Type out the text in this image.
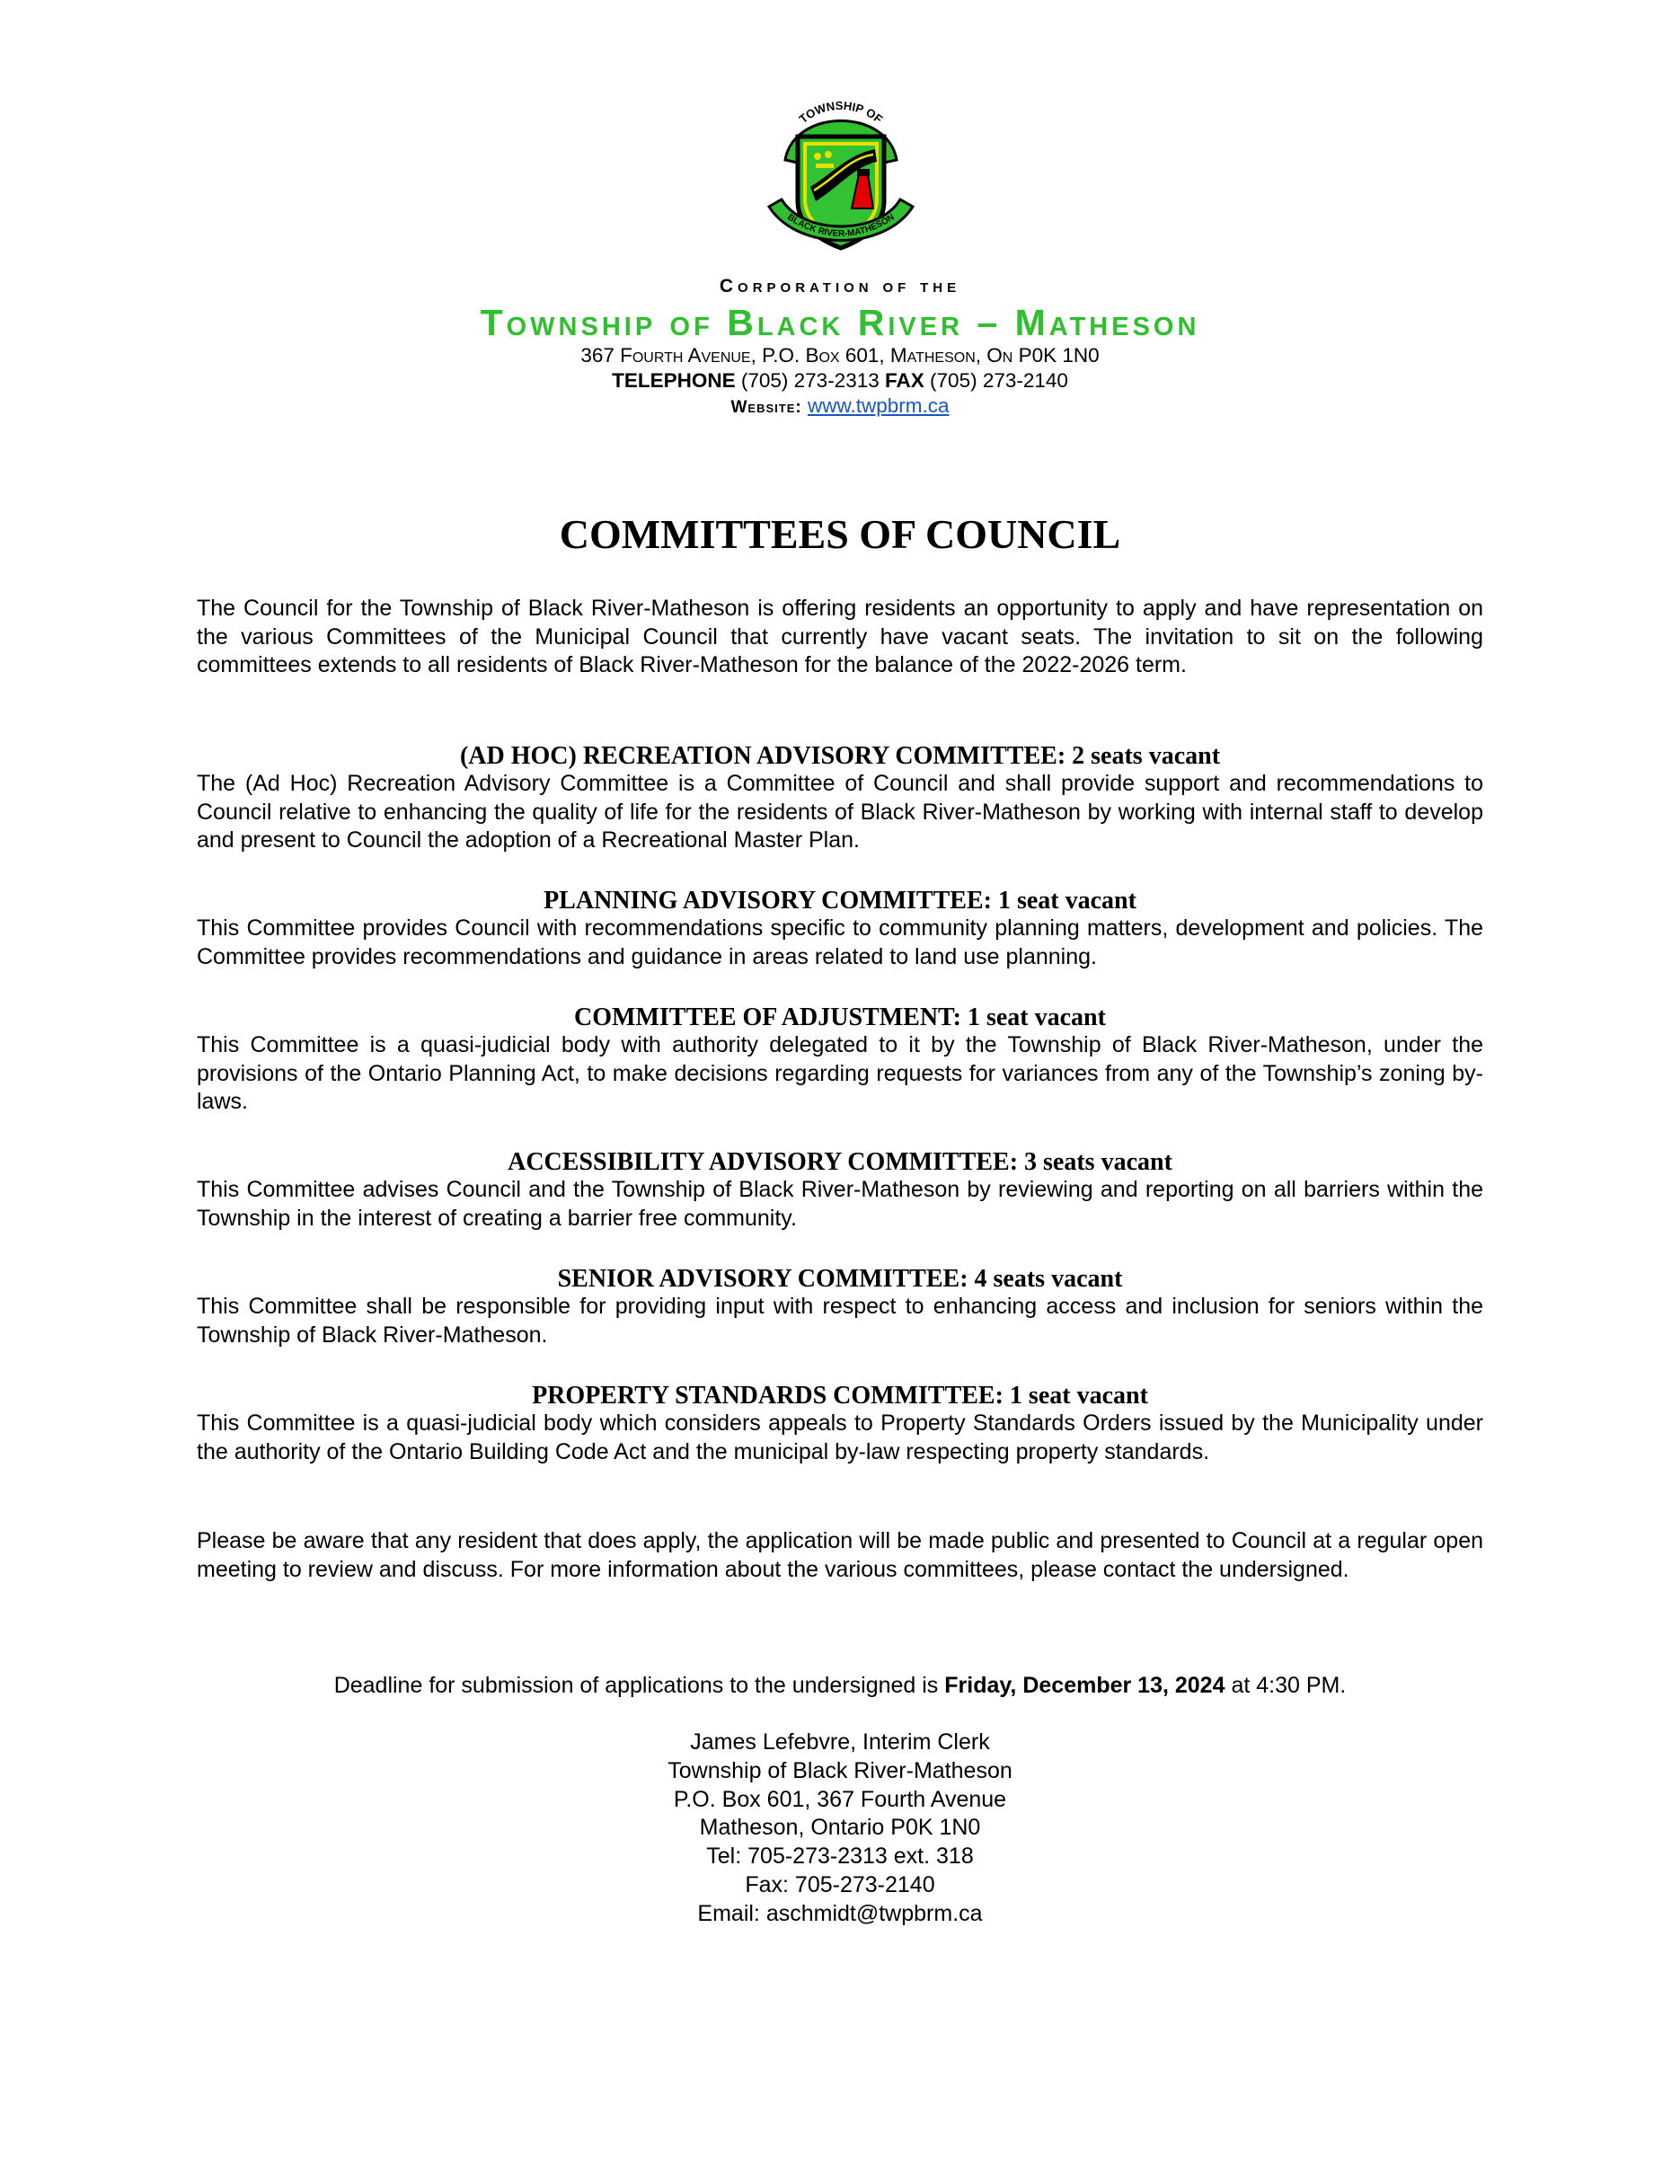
TOWNSHIP OF
BLACK RIVER-MATHESON
Corporation of the
Township of Black River – Matheson
367 Fourth Avenue, P.O. Box 601, Matheson, On P0K 1N0
TELEPHONE (705) 273-2313 FAX (705) 273-2140
Website: www.twpbrm.ca
COMMITTEES OF COUNCIL
The Council for the Township of Black River-Matheson is offering residents an opportunity to apply and have representation on the various Committees of the Municipal Council that currently have vacant seats. The invitation to sit on the following committees extends to all residents of Black River-Matheson for the balance of the 2022-2026 term.
(AD HOC) RECREATION ADVISORY COMMITTEE: 2 seats vacant
The (Ad Hoc) Recreation Advisory Committee is a Committee of Council and shall provide support and recommendations to Council relative to enhancing the quality of life for the residents of Black River-Matheson by working with internal staff to develop and present to Council the adoption of a Recreational Master Plan.
PLANNING ADVISORY COMMITTEE: 1 seat vacant
This Committee provides Council with recommendations specific to community planning matters, development and policies. The Committee provides recommendations and guidance in areas related to land use planning.
COMMITTEE OF ADJUSTMENT: 1 seat vacant
This Committee is a quasi-judicial body with authority delegated to it by the Township of Black River-Matheson, under the provisions of the Ontario Planning Act, to make decisions regarding requests for variances from any of the Township’s zoning by-laws.
ACCESSIBILITY ADVISORY COMMITTEE: 3 seats vacant
This Committee advises Council and the Township of Black River-Matheson by reviewing and reporting on all barriers within the Township in the interest of creating a barrier free community.
SENIOR ADVISORY COMMITTEE: 4 seats vacant
This Committee shall be responsible for providing input with respect to enhancing access and inclusion for seniors within the Township of Black River-Matheson.
PROPERTY STANDARDS COMMITTEE: 1 seat vacant
This Committee is a quasi-judicial body which considers appeals to Property Standards Orders issued by the Municipality under the authority of the Ontario Building Code Act and the municipal by-law respecting property standards.
Please be aware that any resident that does apply, the application will be made public and presented to Council at a regular open meeting to review and discuss. For more information about the various committees, please contact the undersigned.
Deadline for submission of applications to the undersigned is Friday, December 13, 2024 at 4:30 PM.
James Lefebvre, Interim Clerk
Township of Black River-Matheson
P.O. Box 601, 367 Fourth Avenue
Matheson, Ontario P0K 1N0
Tel: 705-273-2313 ext. 318
Fax: 705-273-2140
Email: aschmidt@twpbrm.ca
